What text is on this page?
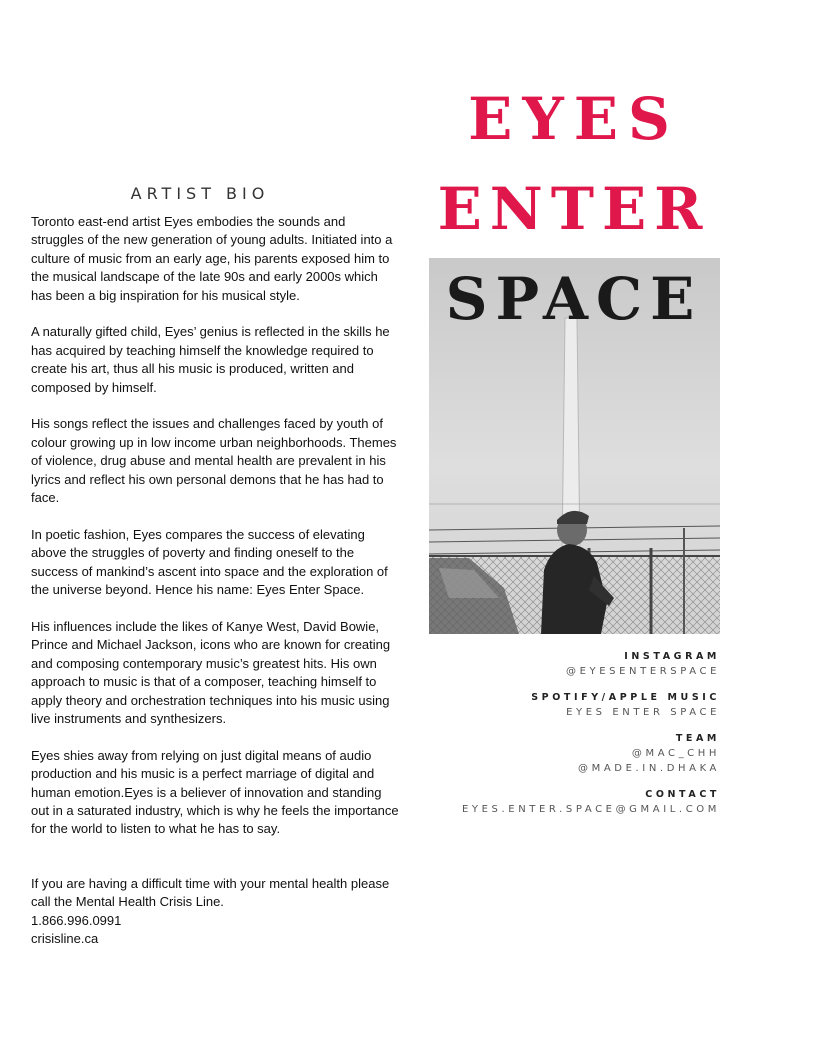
ARTIST BIO

Toronto east-end artist Eyes embodies the sounds and struggles of the new generation of young adults. Initiated into a culture of music from an early age, his parents exposed him to the musical landscape of the late 90s and early 2000s which has been a big inspiration for his musical style.

A naturally gifted child, Eyes’ genius is reflected in the skills he has acquired by teaching himself the knowledge required to create his art, thus all his music is produced, written and composed by himself.

His songs reflect the issues and challenges faced by youth of colour growing up in low income urban neighborhoods. Themes of violence, drug abuse and mental health are prevalent in his lyrics and reflect his own personal demons that he has had to face.

In poetic fashion, Eyes compares the success of elevating above the struggles of poverty and finding oneself to the success of mankind’s ascent into space and the exploration of the universe beyond. Hence his name: Eyes Enter Space.

His influences include the likes of Kanye West, David Bowie, Prince and Michael Jackson, icons who are known for creating and composing contemporary music’s greatest hits. His own approach to music is that of a composer, teaching himself to apply theory and orchestration techniques into his music using live instruments and synthesizers.

Eyes shies away from relying on just digital means of audio production and his music is a perfect marriage of digital and human emotion.Eyes is a believer of innovation and standing out in a saturated industry, which is why he feels the importance for the world to listen to what he has to say.

If you are having a difficult time with your mental health please call the Mental Health Crisis Line.
1.866.996.0991
crisisline.ca
EYES
ENTER
SPACE
INSTAGRAM
@EYESENTERSPACE
SPOTIFY/APPLE MUSIC
EYES ENTER SPACE
TEAM
@MAC_CHH
@MADE.IN.DHAKA
CONTACT
EYES.ENTER.SPACE@GMAIL.COM
